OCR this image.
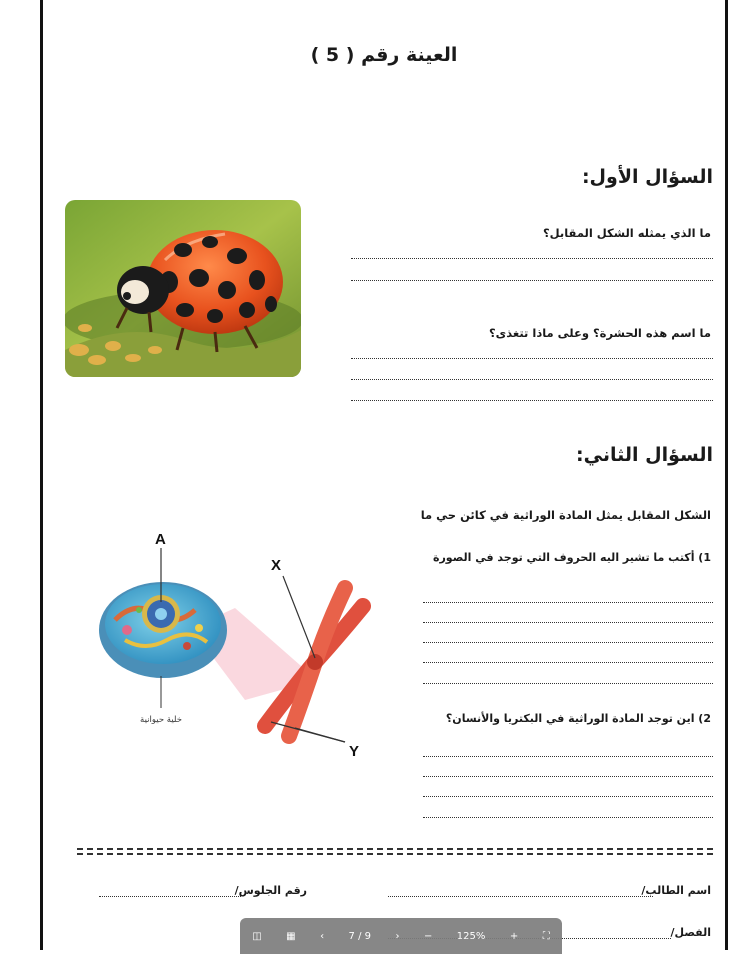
العينة رقم ( 5 )
السؤال الأول:
ما الذي يمثله الشكل المقابل؟
ما اسم هذه الحشرة؟ وعلى ماذا تتغذى؟
السؤال الثاني:
الشكل المقابل يمثل المادة الوراثية في كائن حي ما
1) أكتب ما تشير اليه الحروف التي توجد في الصورة
2) اين توجد المادة الوراثية في البكتريا والأنسان؟
A
خلية حيوانية
X
Y
اسم الطالب/
رقم الجلوس/
الفصل/
◫ ▦ ‹ 7 / 9 › − 125% + ⛶
